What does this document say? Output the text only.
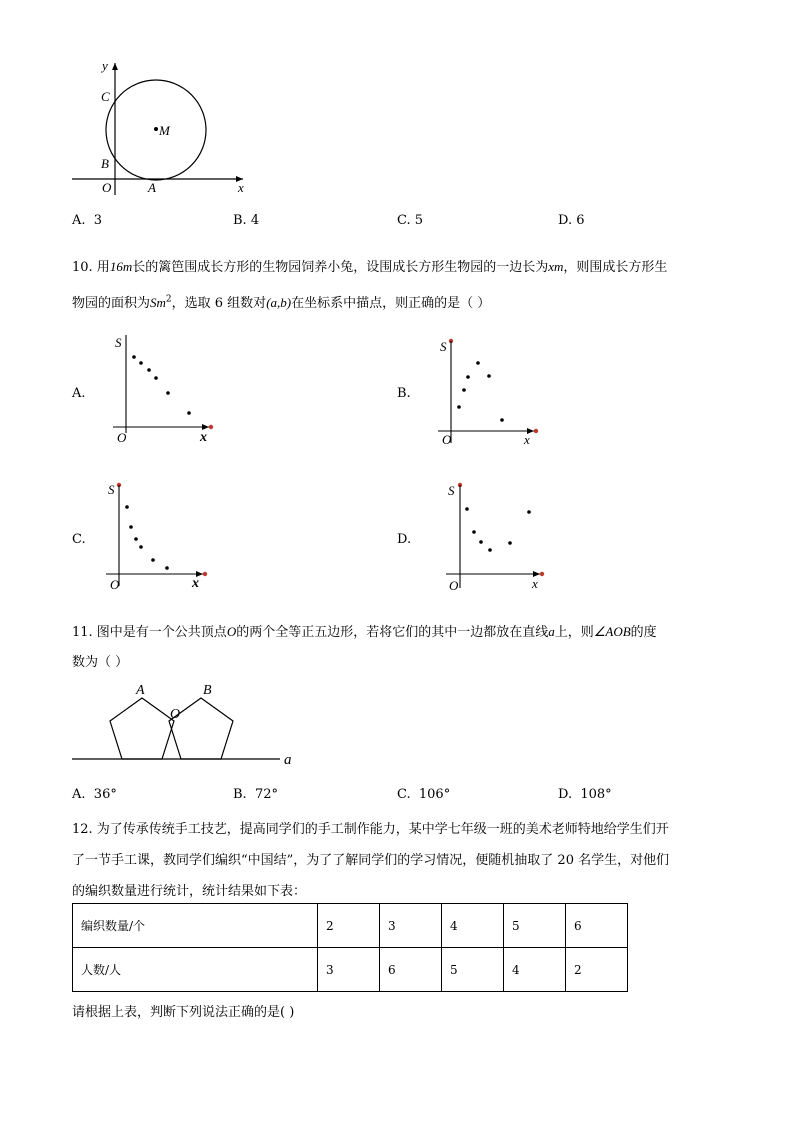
y
x
C
M
B
O	A
A. 3	B. 4	C. 5	D. 6
10. 用16m长的篱笆围成长方形的生物园饲养小兔，设围成长方形生物园的一边长为xm，则围成长方形生
物园的面积为Sm$^2$，选取 6 组数对(a,b)在坐标系中描点，则正确的是（ ）
A.
S
O	x
B.
S
O	x
C.
S
O	x
D.
S
O	x
11. 图中是有一个公共顶点O的两个全等正五边形，若将它们的其中一边都放在直线a上，则∠AOB的度
数为（ ）
A
O
B
a
A. 36°	B. 72°	C. 106°	D. 108°
12. 为了传承传统手工技艺，提高同学们的手工制作能力，某中学七年级一班的美术老师特地给学生们开
了一节手工课，教同学们编织“中国结”，为了了解同学们的学习情况，便随机抽取了 20 名学生，对他们
的编织数量进行统计，统计结果如下表：
编织数量/个	2	3	4	5	6
人数/人	3	6	5	4	2
请根据上表，判断下列说法正确的是( )
